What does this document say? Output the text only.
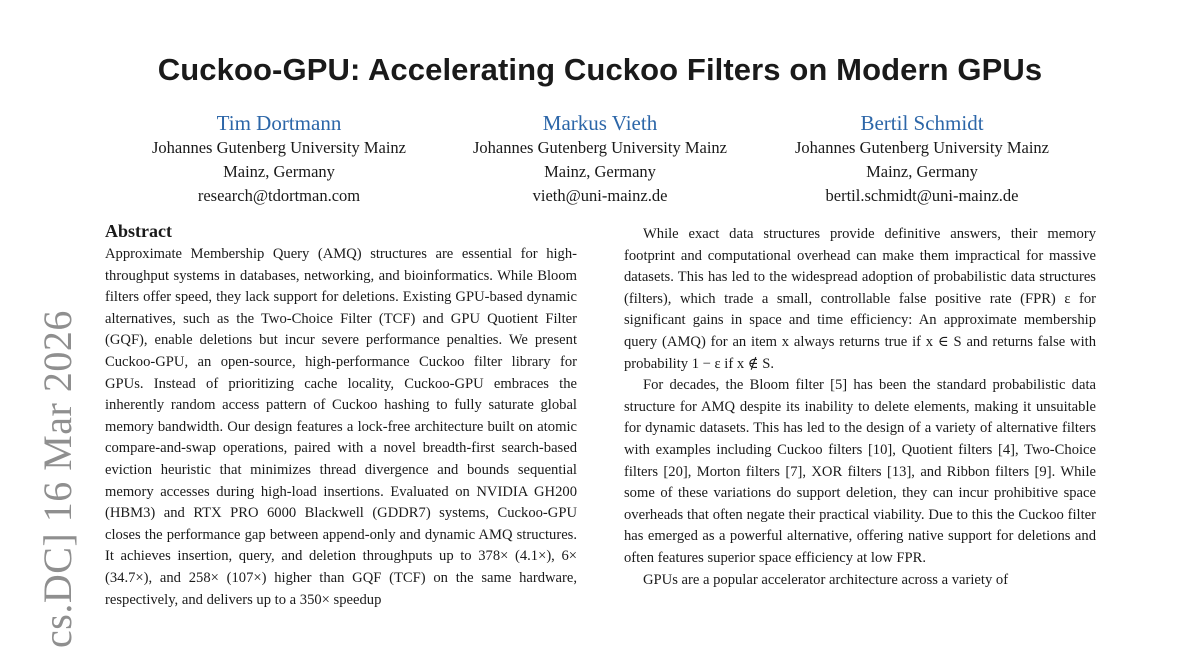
Cuckoo-GPU: Accelerating Cuckoo Filters on Modern GPUs
Tim Dortmann
Johannes Gutenberg University Mainz
Mainz, Germany
research@tdortman.com
Markus Vieth
Johannes Gutenberg University Mainz
Mainz, Germany
vieth@uni-mainz.de
Bertil Schmidt
Johannes Gutenberg University Mainz
Mainz, Germany
bertil.schmidt@uni-mainz.de
cs.DC] 16 Mar 2026
Abstract

Approximate Membership Query (AMQ) structures are essential for high-throughput systems in databases, networking, and bioinformatics. While Bloom filters offer speed, they lack support for deletions. Existing GPU-based dynamic alternatives, such as the Two-Choice Filter (TCF) and GPU Quotient Filter (GQF), enable deletions but incur severe performance penalties. We present Cuckoo-GPU, an open-source, high-performance Cuckoo filter library for GPUs. Instead of prioritizing cache locality, Cuckoo-GPU embraces the inherently random access pattern of Cuckoo hashing to fully saturate global memory bandwidth. Our design features a lock-free architecture built on atomic compare-and-swap operations, paired with a novel breadth-first search-based eviction heuristic that minimizes thread divergence and bounds sequential memory accesses during high-load insertions. Evaluated on NVIDIA GH200 (HBM3) and RTX PRO 6000 Blackwell (GDDR7) systems, Cuckoo-GPU closes the performance gap between append-only and dynamic AMQ structures. It achieves insertion, query, and deletion throughputs up to 378× (4.1×), 6× (34.7×), and 258× (107×) higher than GQF (TCF) on the same hardware, respectively, and delivers up to a 350× speedup

While exact data structures provide definitive answers, their memory footprint and computational overhead can make them impractical for massive datasets. This has led to the widespread adoption of probabilistic data structures (filters), which trade a small, controllable false positive rate (FPR) ε for significant gains in space and time efficiency: An approximate membership query (AMQ) for an item x always returns true if x ∈ S and returns false with probability 1 − ε if x ∉ S.

For decades, the Bloom filter [5] has been the standard probabilistic data structure for AMQ despite its inability to delete elements, making it unsuitable for dynamic datasets. This has led to the design of a variety of alternative filters with examples including Cuckoo filters [10], Quotient filters [4], Two-Choice filters [20], Morton filters [7], XOR filters [13], and Ribbon filters [9]. While some of these variations do support deletion, they can incur prohibitive space overheads that often negate their practical viability. Due to this the Cuckoo filter has emerged as a powerful alternative, offering native support for deletions and often features superior space efficiency at low FPR.

GPUs are a popular accelerator architecture across a variety of
